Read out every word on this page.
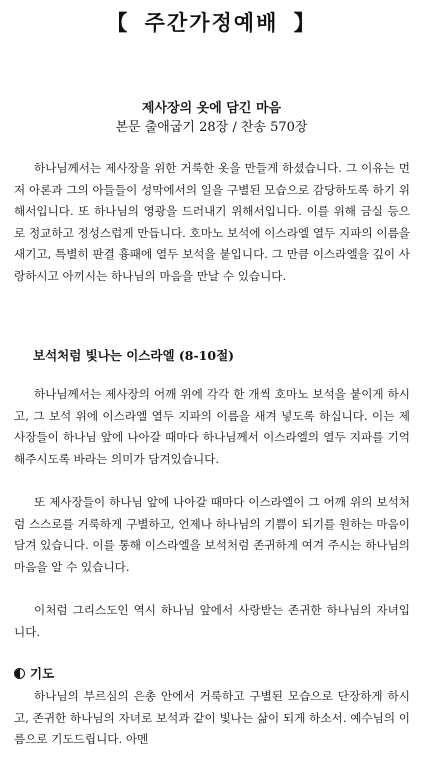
【 주간가정예배 】
제사장의 옷에 담긴 마음
본문 출애굽기 28장 / 찬송 570장

하나님께서는 제사장을 위한 거룩한 옷을 만들게 하셨습니다. 그 이유는 먼저 아론과 그의 아들들이 성막에서의 일을 구별된 모습으로 감당하도록 하기 위해서입니다. 또 하나님의 영광을 드러내기 위해서입니다. 이를 위해 금실 등으로 정교하고 정성스럽게 만듭니다. 호마노 보석에 이스라엘 열두 지파의 이름을 새기고, 특별히 판결 흉패에 열두 보석을 붙입니다. 그 만큼 이스라엘을 깊이 사랑하시고 아끼시는 하나님의 마음을 만날 수 있습니다.

보석처럼 빛나는 이스라엘 (8-10절)

하나님께서는 제사장의 어깨 위에 각각 한 개씩 호마노 보석을 붙이게 하시고, 그 보석 위에 이스라엘 열두 지파의 이름을 새겨 넣도록 하십니다. 이는 제사장들이 하나님 앞에 나아갈 때마다 하나님께서 이스라엘의 열두 지파를 기억해주시도록 바라는 의미가 담겨있습니다.

또 제사장들이 하나님 앞에 나아갈 때마다 이스라엘이 그 어깨 위의 보석처럼 스스로를 거룩하게 구별하고, 언제나 하나님의 기쁨이 되기를 원하는 마음이 담겨 있습니다. 이를 통해 이스라엘을 보석처럼 존귀하게 여겨 주시는 하나님의 마음을 알 수 있습니다.

이처럼 그리스도인 역시 하나님 앞에서 사랑받는 존귀한 하나님의 자녀입니다.

기도

하나님의 부르심의 은총 안에서 거룩하고 구별된 모습으로 단장하게 하시고, 존귀한 하나님의 자녀로 보석과 같이 빛나는 삶이 되게 하소서. 예수님의 이름으로 기도드립니다. 아멘
